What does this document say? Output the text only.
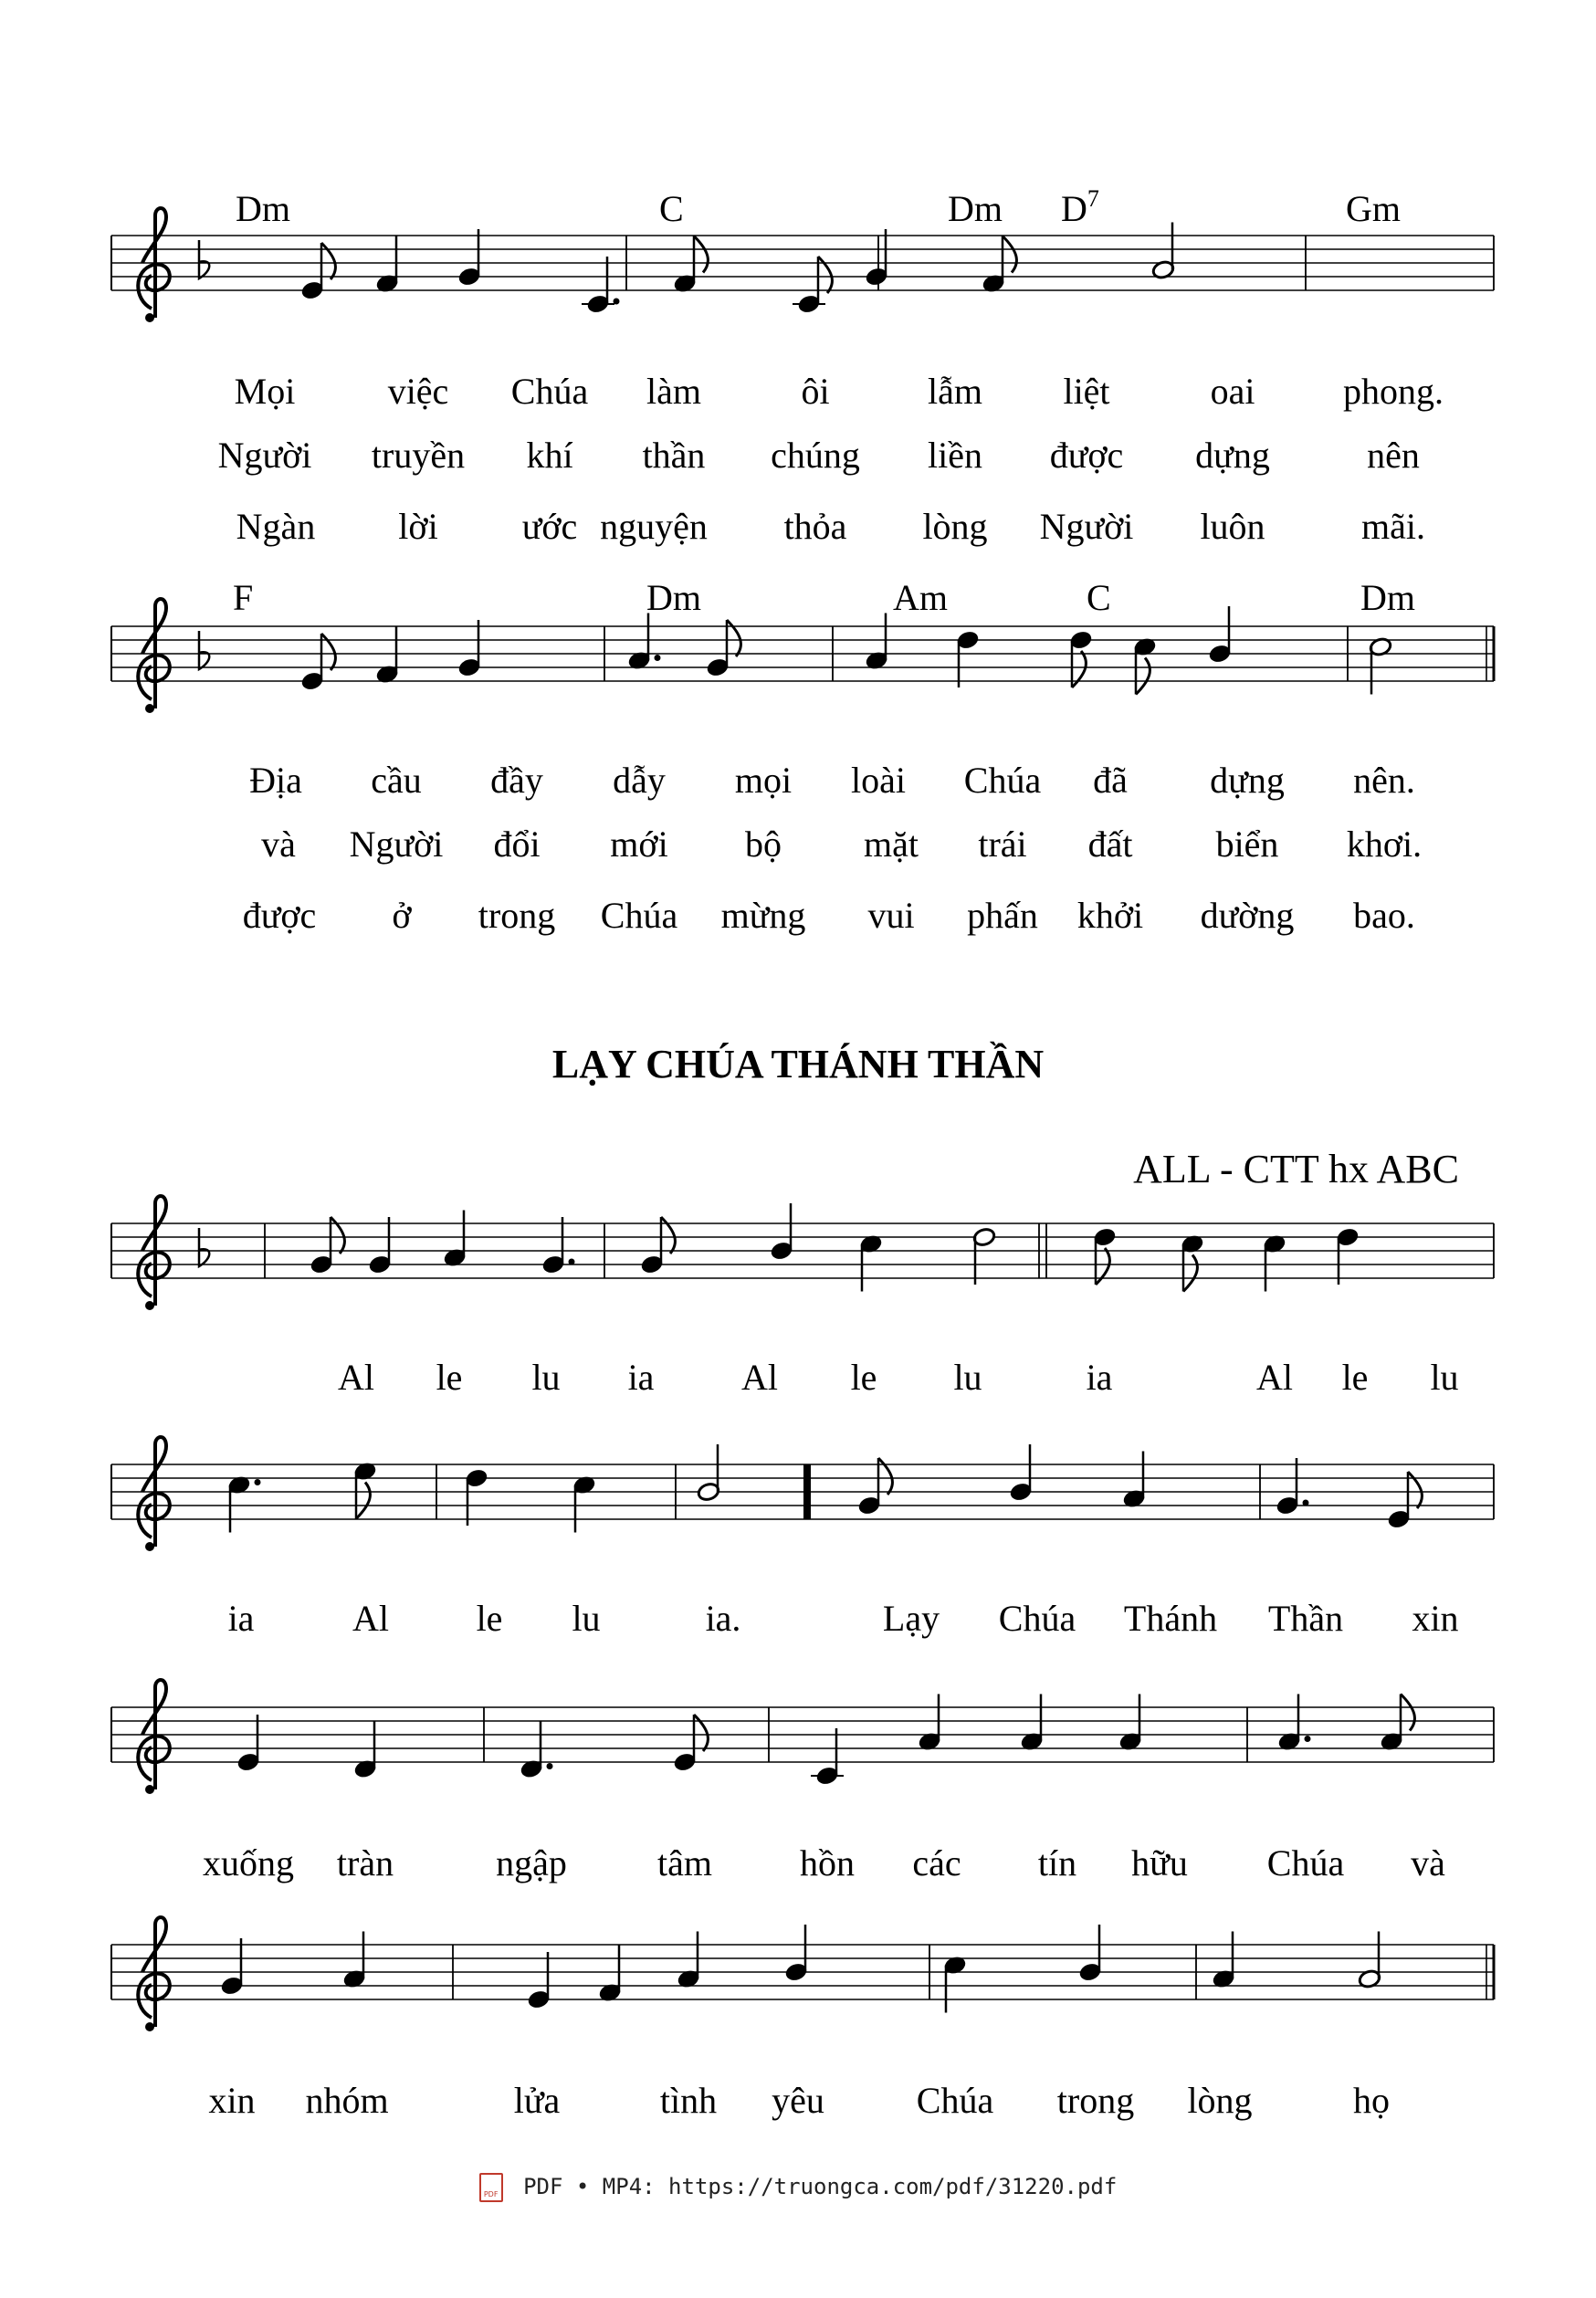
Dm	C	Dm $D^7$	Gm
Mọi	việc Chúa làm	ôi	lẫm liệt	oai phong.
Người truyền khí thần chúng liền được dựng	nên
Ngàn lời ước nguyện thỏa lòng Người luôn	mãi.
F	Dm	Am	C	Dm
Địa cầu đầy dẫy mọi loài Chúa đã dựng nên.
và Người đổi mới bộ mặt trái đất biển khơi.
được ở trong Chúa mừng vui phấn khởi dường bao.
Al le lu ia Al le lu	ia	Al le lu
ia	Al le lu	ia.	Lạy Chúa Thánh Thần xin
xuống tràn	ngập tâm hồn các tín hữu Chúa và
xin nhóm	lửa	tình yêu	Chúa trong lòng	họ
LẠY CHÚA THÁNH THẦN
ALL - CTT hx ABC
PDF PDF • MP4: https://truongca.com/pdf/31220.pdf
